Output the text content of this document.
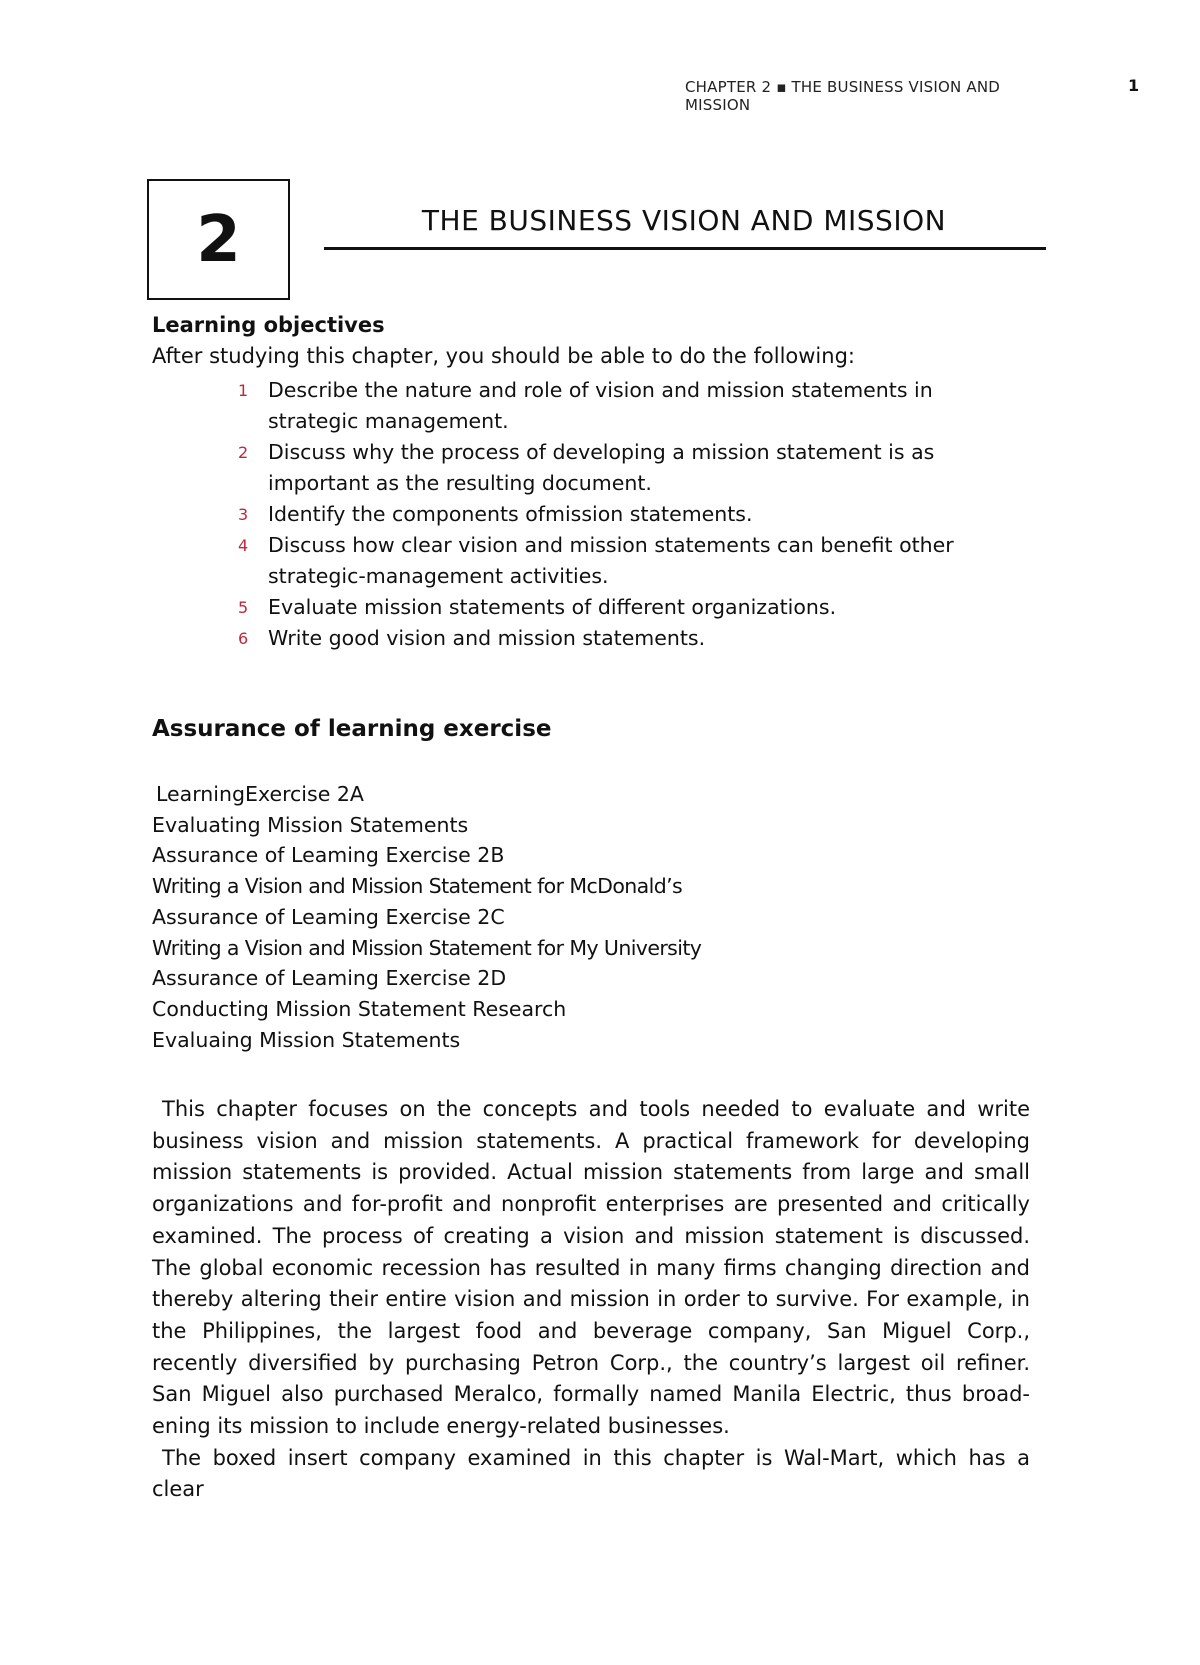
CHAPTER 2 ▪ THE BUSINESS VISION AND MISSION
1
2	THE BUSINESS VISION AND MISSION
Learning objectives
After studying this chapter, you should be able to do the following:
1 Describe the nature and role of vision and mission statements in strategic management.
2 Discuss why the process of developing a mission statement is as important as the resulting document.
3 Identify the components ofmission statements.
4 Discuss how clear vision and mission statements can benefit other strategic-management activities.
5 Evaluate mission statements of different organizations.
6 Write good vision and mission statements.
Assurance of learning exercise
LearningExercise 2A
Evaluating Mission Statements
Assurance of Leaming Exercise 2B
Writing a Vision and Mission Statement for McDonald’s
Assurance of Leaming Exercise 2C
Writing a Vision and Mission Statement for My University
Assurance of Leaming Exercise 2D
Conducting Mission Statement Research
Evaluaing Mission Statements

This chapter focuses on the concepts and tools needed to evaluate and write business vision and mission statements. A practical framework for developing mission statements is provided. Actual mission statements from large and small organizations and for-profit and nonprofit enterprises are presented and critically examined. The process of creating a vision and mission statement is discussed. The global economic recession has resulted in many firms changing direction and thereby altering their entire vision and mission in order to survive. For example, in the Philippines, the largest food and beverage company, San Miguel Corp., recently diversified by purchasing Petron Corp., the country’s largest oil refiner. San Miguel also purchased Meralco, formally named Manila Electric, thus broad- ening its mission to include energy-related businesses.

The boxed insert company examined in this chapter is Wal-Mart, which has a clear
